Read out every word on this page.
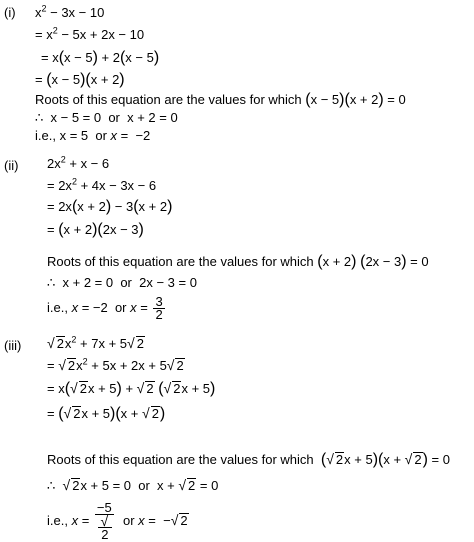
(i) $x^2 - 3x - 10$
= $x^2 - 5x + 2x - 10$
= x(x − 5) + 2(x − 5)
= (x − 5)(x + 2)
Roots of this equation are the values for which (x − 5)(x + 2) = 0
∴  x − 5 = 0  or  x + 2 = 0
i.e., x = 5  or x =  −2
(ii) $2x^2 + x - 6$
= $2x^2 + 4x - 3x - 6$
= 2x(x + 2) − 3(x + 2)
= (x + 2)(2x − 3)
Roots of this equation are the values for which (x + 2) (2x − 3) = 0
∴  x + 2 = 0  or  2x − 3 = 0
i.e., x = −2  or $x = \frac{3}{2}$
(iii) √ $2x^2 + 7x + 5√$ 2
= √ $2x^2 + 5x + 2x + 5√$ 2
= x(√ 2x + 5) + √ 2 (√ 2x + 5)
= (√ 2x + 5)(x + √ 2)
Roots of this equation are the values for which (√ 2x + 5)(x + √ 2) = 0
∴ √ 2x + 5 = 0  or  x + √ 2 = 0
i.e., x = −5
√
2 or x =  −√ 2
